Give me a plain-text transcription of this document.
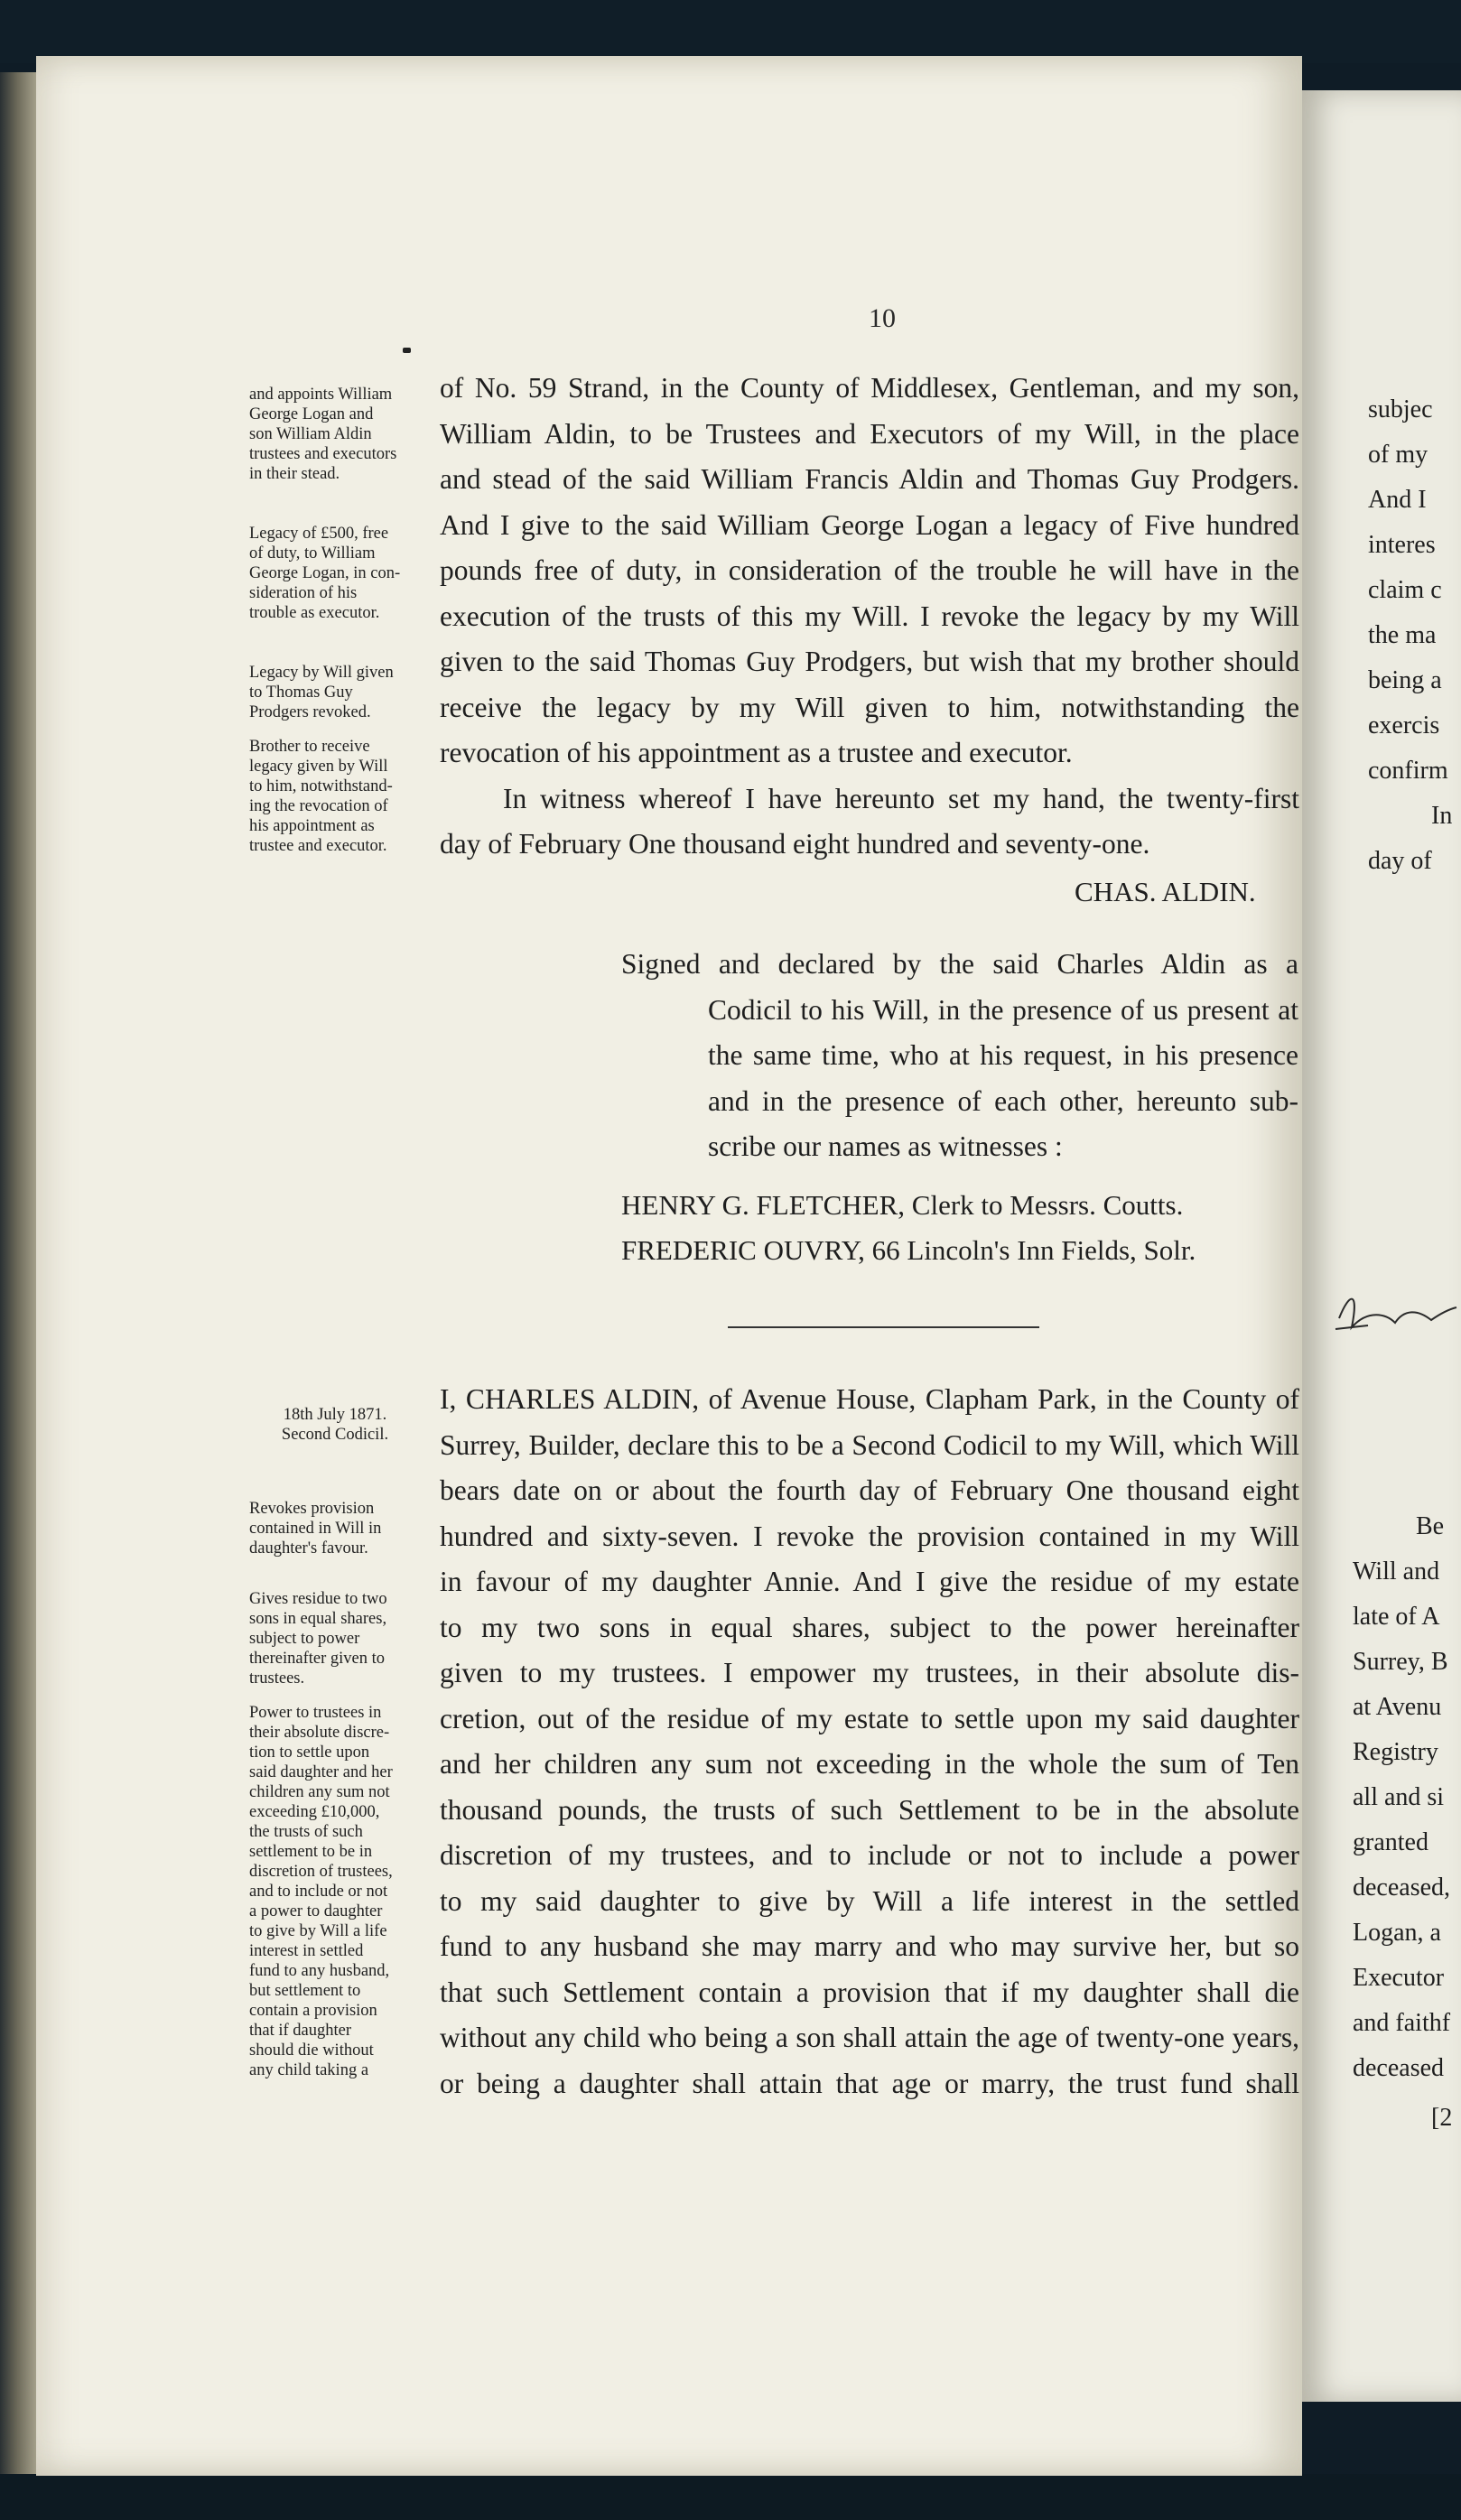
10
and appoints William
George Logan and
son William Aldin
trustees and executors
in their stead.
Legacy of £500, free
of duty, to William
George Logan, in con-
sideration of his
trouble as executor.
Legacy by Will given
to Thomas Guy
Prodgers revoked.
Brother to receive
legacy given by Will
to him, notwithstand-
ing the revocation of
his appointment as
trustee and executor.
18th July 1871.
Second Codicil.
Revokes provision
contained in Will in
daughter's favour.
Gives residue to two
sons in equal shares,
subject to power
thereinafter given to
trustees.
Power to trustees in
their absolute discre-
tion to settle upon
said daughter and her
children any sum not
exceeding £10,000,
the trusts of such
settlement to be in
discretion of trustees,
and to include or not
a power to daughter
to give by Will a life
interest in settled
fund to any husband,
but settlement to
contain a provision
that if daughter
should die without
any child taking a
of No. 59 Strand, in the County of Middlesex, Gentleman, and my son,
William Aldin, to be Trustees and Executors of my Will, in the place
and stead of the said William Francis Aldin and Thomas Guy Prodgers.
And I give to the said William George Logan a legacy of Five hundred
pounds free of duty, in consideration of the trouble he will have in the
execution of the trusts of this my Will. I revoke the legacy by my Will
given to the said Thomas Guy Prodgers, but wish that my brother should
receive the legacy by my Will given to him, notwithstanding the
revocation of his appointment as a trustee and executor.
In witness whereof I have hereunto set my hand, the twenty-first
day of February One thousand eight hundred and seventy-one.
CHAS. ALDIN.
Signed and declared by the said Charles Aldin as a
Codicil to his Will, in the presence of us present at
the same time, who at his request, in his presence
and in the presence of each other, hereunto sub-
scribe our names as witnesses :
HENRY G. FLETCHER, Clerk to Messrs. Coutts.
FREDERIC OUVRY, 66 Lincoln's Inn Fields, Solr.
I, CHARLES ALDIN, of Avenue House, Clapham Park, in the County of
Surrey, Builder, declare this to be a Second Codicil to my Will, which Will
bears date on or about the fourth day of February One thousand eight
hundred and sixty-seven. I revoke the provision contained in my Will
in favour of my daughter Annie. And I give the residue of my estate
to my two sons in equal shares, subject to the power hereinafter
given to my trustees. I empower my trustees, in their absolute dis-
cretion, out of the residue of my estate to settle upon my said daughter
and her children any sum not exceeding in the whole the sum of Ten
thousand pounds, the trusts of such Settlement to be in the absolute
discretion of my trustees, and to include or not to include a power
to my said daughter to give by Will a life interest in the settled
fund to any husband she may marry and who may survive her, but so
that such Settlement contain a provision that if my daughter shall die
without any child who being a son shall attain the age of twenty-one years,
or being a daughter shall attain that age or marry, the trust fund shall
subjec
of my
And I
interes
claim c
the ma
being a
exercis
confirm
In
day of
Be
Will and
late of A
Surrey, B
at Avenu
Registry
all and si
granted
deceased,
Logan, a
Executor
and faithf
deceased
[2
